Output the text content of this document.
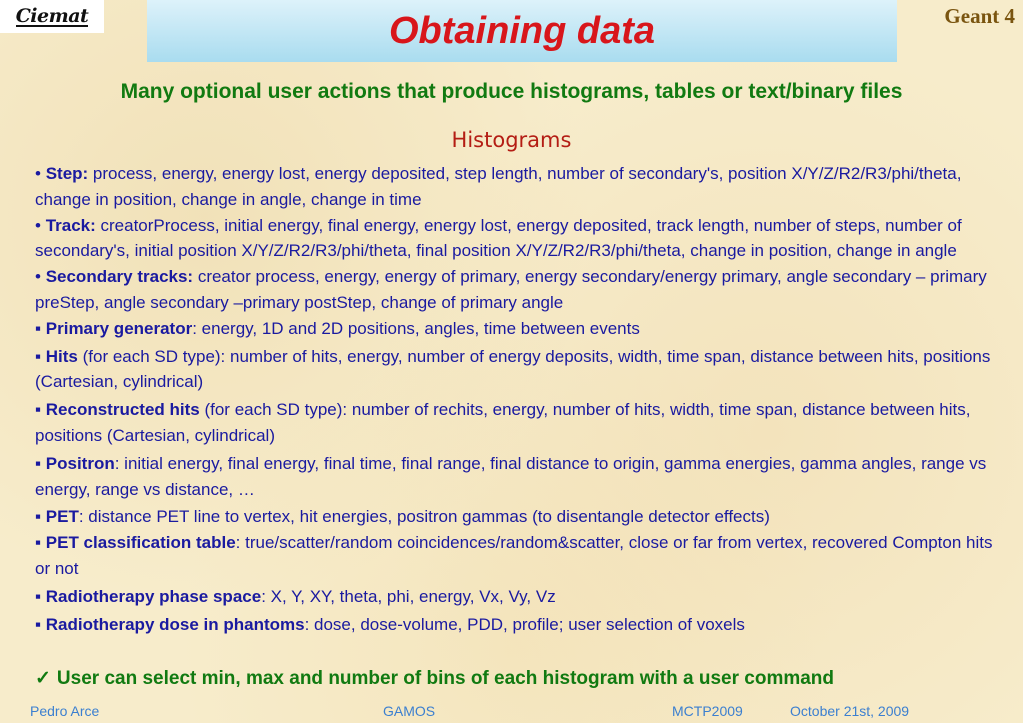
Ciemat	Obtaining data	Geant 4
Many optional user actions that produce histograms, tables or text/binary files
Histograms

• Step: process, energy, energy lost, energy deposited, step length, number of secondary's, position X/Y/Z/R2/R3/phi/theta, change in position, change in angle, change in time

• Track: creatorProcess, initial energy, final energy, energy lost, energy deposited, track length, number of steps, number of secondary's, initial position X/Y/Z/R2/R3/phi/theta, final position X/Y/Z/R2/R3/phi/theta, change in position, change in angle

• Secondary tracks: creator process, energy, energy of primary, energy secondary/energy primary, angle secondary – primary preStep, angle secondary –primary postStep, change of primary angle

▪ Primary generator: energy, 1D and 2D positions, angles, time between events

▪ Hits (for each SD type): number of hits, energy, number of energy deposits, width, time span, distance between hits, positions (Cartesian, cylindrical)

▪ Reconstructed hits (for each SD type): number of rechits, energy, number of hits, width, time span, distance between hits, positions (Cartesian, cylindrical)

▪ Positron: initial energy, final energy, final time, final range, final distance to origin, gamma energies, gamma angles, range vs energy, range vs distance, …

▪ PET: distance PET line to vertex, hit energies, positron gammas (to disentangle detector effects)

▪ PET classification table: true/scatter/random coincidences/random&scatter, close or far from vertex, recovered Compton hits or not

▪ Radiotherapy phase space: X, Y, XY, theta, phi, energy, Vx, Vy, Vz

▪ Radiotherapy dose in phantoms: dose, dose-volume, PDD, profile; user selection of voxels

✓ User can select min, max and number of bins of each histogram with a user command
Pedro Arce	GAMOS	MCTP2009	October 21st, 2009
